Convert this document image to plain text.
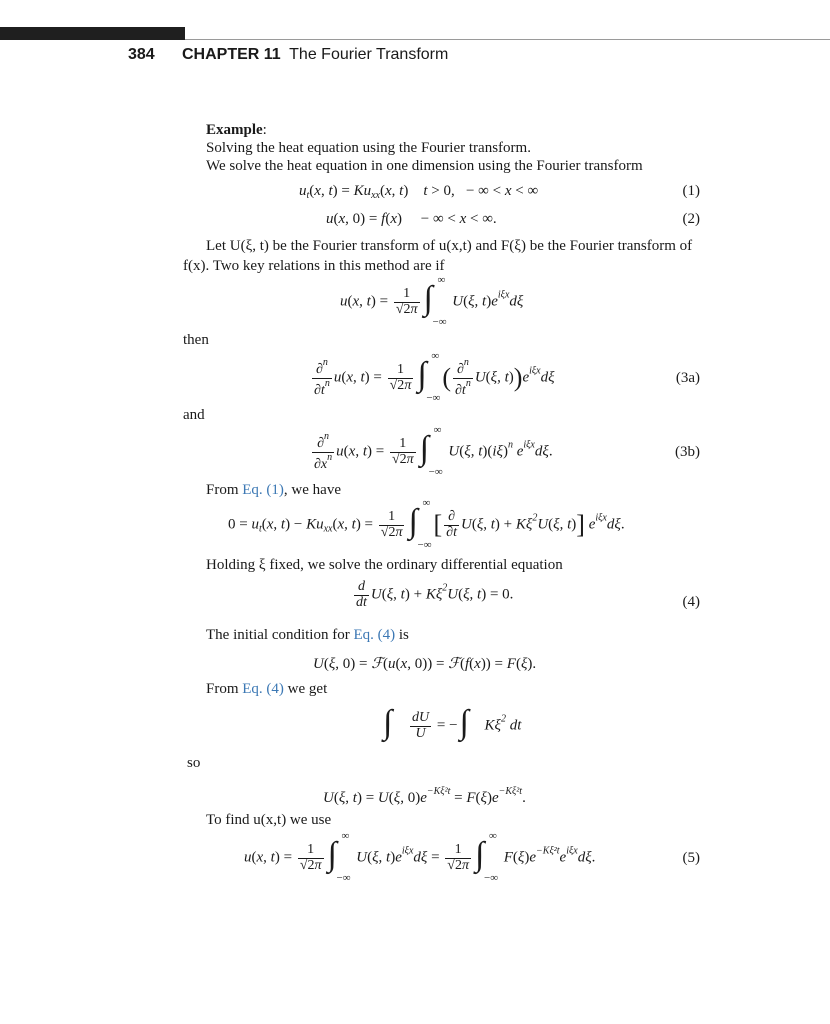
384 CHAPTER 11 The Fourier Transform
Example:
Solving the heat equation using the Fourier transform.
We solve the heat equation in one dimension using the Fourier transform
$u_t(x$, $t) = Ku_{xx}(x$, t)    t > 0,   − ∞ < x < ∞	(1)
u(x, 0) = f(x)     − ∞ < x < ∞.	(2)
Let U(ξ, t) be the Fourier transform of u(x,t) and F(ξ) be the Fourier transform of
f(x). Two key relations in this method are if
u(x, $t) = \frac{1}{√2\pi}$ ∫ ∞
−∞
U(ξ, $t)e^{i\xi x}d\xi$
then
$\frac{\partial^n}{\partial t^n} u(x$, $t) = \frac{1}{√2\pi}$ ∫ ∞
−∞
( $\frac{\partial^n}{\partial t^n} U(\xi$, $t))e^{i\xi x}d\xi$	(3a)
and
$\frac{\partial^n}{\partial x^n} u(x$, $t) = \frac{1}{√2\pi}$ ∫ ∞
−∞
U(ξ, $t)(i\xi)^n$ $e^{i\xi x}d\xi$.	(3b)
From Eq. (1), we have
$0 = u_t(x$, $t) - Ku_{xx}(x$, $t) = \frac{1}{√2\pi}$ ∫ ∞
−∞
[ $\frac{\partial}{\partial t} U(\xi$, $t) + K\xi^2U(\xi$, t)] $e^{i\xi x}d\xi$.
Holding ξ fixed, we solve the ordinary differential equation
$\frac{d}{dt} U(\xi$, $t) + K\xi^2U(\xi$, t) = 0.	(4)
The initial condition for Eq. (4) is
U(ξ, 0) = ℱ(u(x, 0)) = ℱ(f(x)) = F(ξ).
From Eq. (4) we get
∫ $\frac{dU}{U}$ = − ∫ $K\xi^2$ dt
so
U(ξ, t) = U(ξ, $0)e^{-K\xi^2t} = F(\xi)e^{-K\xi^2t}$.
To find u(x,t) we use
u(x, $t) = \frac{1}{√2\pi}$ ∫ ∞
−∞
U(ξ, $t)e^{i\xi x}d\xi = \frac{1}{√2\pi}$ ∫ ∞
−∞
$F(\xi)e^{-K\xi^2t}e^{i\xi x}d\xi$.	(5)
